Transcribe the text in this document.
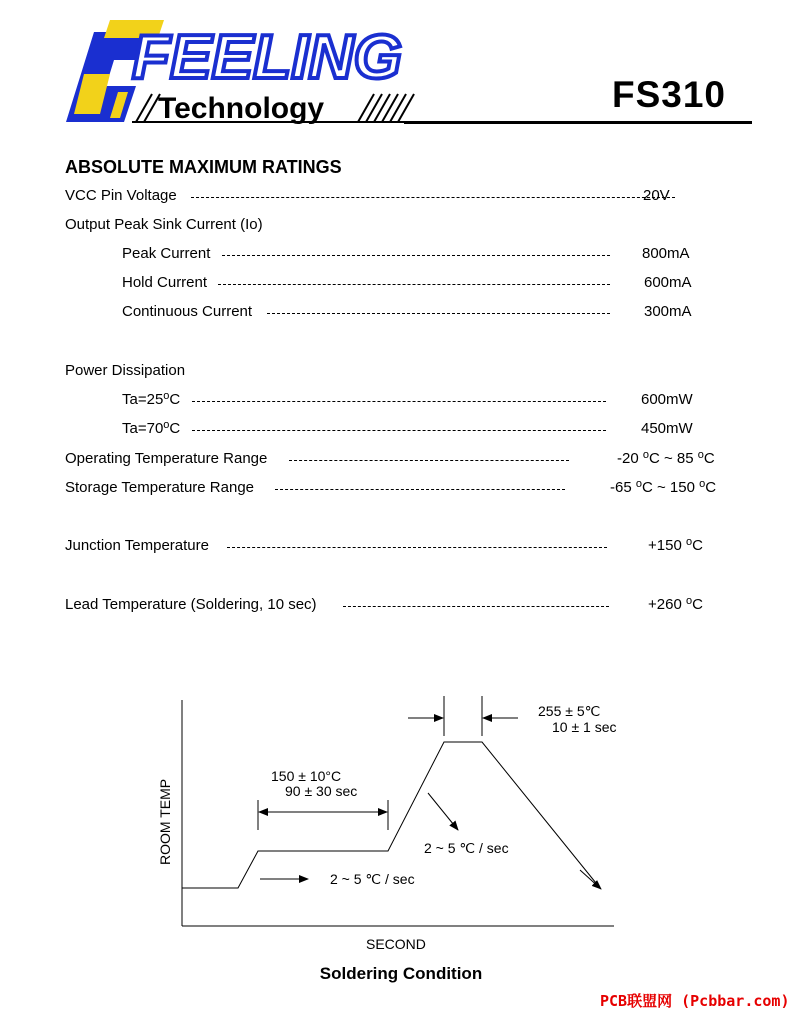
FEELING
Technology	FS310
ABSOLUTE MAXIMUM RATINGS
VCC Pin Voltage	20V
Output Peak Sink Current (Io)
Peak Current	800mA
Hold Current	600mA
Continuous Current	300mA
Power Dissipation
$Ta=25^oC$	600mW
$Ta=70^oC$	450mW
Operating Temperature Range	-20 $^o$C ~ 85 $^o$C
Storage Temperature Range	-65 $^o$C ~ 150 $^o$C
Junction Temperature	+150 $^o$C
Lead Temperature (Soldering, 10 sec)	+260 $^o$C
ROOM TEMP
SECOND
255 ± 5℃
10 ± 1 sec
150 ± 10°C
90 ± 30 sec
2 ~ 5 ℃ / sec
2 ~ 5 ℃ / sec
Soldering Condition
PCB联盟网 (Pcbbar.com)
